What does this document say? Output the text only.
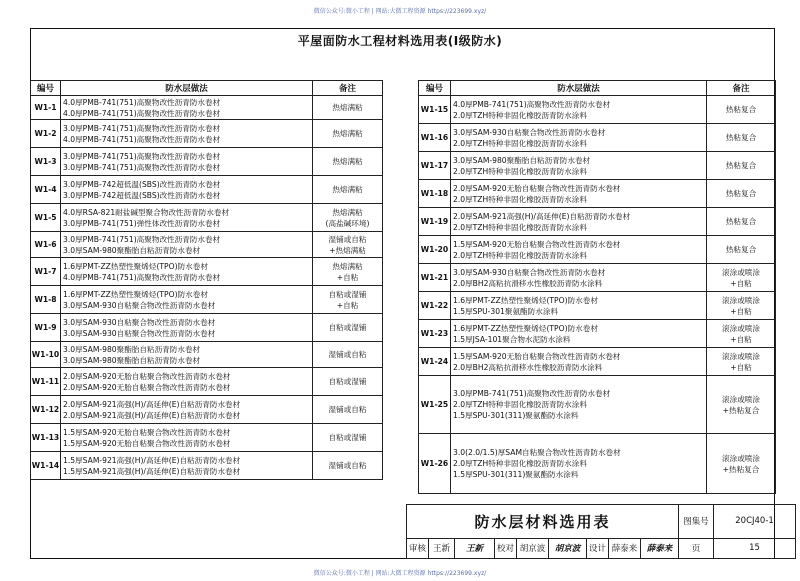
微信公众号:微小工程 | 网站:大微工程资源 https://223699.xyz/
平屋面防水工程材料选用表(Ⅰ级防水)
编号	防水层做法	备注
W1-1	4.0厚PMB-741(751)高聚物改性沥青防水卷材
4.0厚PMB-741(751)高聚物改性沥青防水卷材	热熔满粘

W1-2	3.0厚PMB-741(751)高聚物改性沥青防水卷材
4.0厚PMB-741(751)高聚物改性沥青防水卷材	热熔满粘

W1-3	3.0厚PMB-741(751)高聚物改性沥青防水卷材
3.0厚PMB-741(751)高聚物改性沥青防水卷材	热熔满粘

W1-4	3.0厚PMB-742超低温(SBS)改性沥青防水卷材
3.0厚PMB-742超低温(SBS)改性沥青防水卷材	热熔满粘

W1-5	4.0厚RSA-821耐盐碱型聚合物改性沥青防水卷材
3.0厚PMB-741(751)弹性体改性沥青防水卷材	热熔满粘
(高盐碱环境)

W1-6	3.0厚PMB-741(751)高聚物改性沥青防水卷材
3.0厚SAM-980聚酯胎自粘沥青防水卷材	湿铺或自粘
+热熔满粘

W1-7	1.6厚PMT-ZZ热塑性聚烯烃(TPO)防水卷材
4.0厚PMB-741(751)高聚物改性沥青防水卷材	热熔满粘
+自粘

W1-8	1.6厚PMT-ZZ热塑性聚烯烃(TPO)防水卷材
3.0厚SAM-930自粘聚合物改性沥青防水卷材	自粘或湿铺
+自粘

W1-9	3.0厚SAM-930自粘聚合物改性沥青防水卷材
3.0厚SAM-930自粘聚合物改性沥青防水卷材	自粘或湿铺

W1-10	3.0厚SAM-980聚酯胎自粘沥青防水卷材
3.0厚SAM-980聚酯胎自粘沥青防水卷材	湿铺或自粘

W1-11	2.0厚SAM-920无胎自粘聚合物改性沥青防水卷材
2.0厚SAM-920无胎自粘聚合物改性沥青防水卷材	自粘或湿铺

W1-12	2.0厚SAM-921高强(H)/高延伸(E)自粘沥青防水卷材
2.0厚SAM-921高强(H)/高延伸(E)自粘沥青防水卷材	湿铺或自粘

W1-13	1.5厚SAM-920无胎自粘聚合物改性沥青防水卷材
1.5厚SAM-920无胎自粘聚合物改性沥青防水卷材	自粘或湿铺

W1-14	1.5厚SAM-921高强(H)/高延伸(E)自粘沥青防水卷材
1.5厚SAM-921高强(H)/高延伸(E)自粘沥青防水卷材	湿铺或自粘
编号	防水层做法	备注
W1-15	4.0厚PMB-741(751)高聚物改性沥青防水卷材
2.0厚TZH特种非固化橡胶沥青防水涂料	热粘复合

W1-16	3.0厚SAM-930自粘聚合物改性沥青防水卷材
2.0厚TZH特种非固化橡胶沥青防水涂料	热粘复合

W1-17	3.0厚SAM-980聚酯胎自粘沥青防水卷材
2.0厚TZH特种非固化橡胶沥青防水涂料	热粘复合

W1-18	2.0厚SAM-920无胎自粘聚合物改性沥青防水卷材
2.0厚TZH特种非固化橡胶沥青防水涂料	热粘复合

W1-19	2.0厚SAM-921高强(H)/高延伸(E)自粘沥青防水卷材
2.0厚TZH特种非固化橡胶沥青防水涂料	热粘复合

W1-20	1.5厚SAM-920无胎自粘聚合物改性沥青防水卷材
2.0厚TZH特种非固化橡胶沥青防水涂料	热粘复合

W1-21	3.0厚SAM-930自粘聚合物改性沥青防水卷材
2.0厚BH2高粘抗滑移水性橡胶沥青防水涂料	滚涂或喷涂
+自粘

W1-22	1.6厚PMT-ZZ热塑性聚烯烃(TPO)防水卷材
1.5厚SPU-301聚氨酯防水涂料	滚涂或喷涂
+自粘

W1-23	1.6厚PMT-ZZ热塑性聚烯烃(TPO)防水卷材
1.5厚JSA-101聚合物水泥防水涂料	滚涂或喷涂
+自粘

W1-24	1.5厚SAM-920无胎自粘聚合物改性沥青防水卷材
2.0厚BH2高粘抗滑移水性橡胶沥青防水涂料	滚涂或喷涂
+自粘

W1-25	3.0厚PMB-741(751)高聚物改性沥青防水卷材
2.0厚TZH特种非固化橡胶沥青防水涂料
1.5厚SPU-301(311)聚氨酯防水涂料	滚涂或喷涂
+热粘复合

W1-26	3.0(2.0/1.5)厚SAM自粘聚合物改性沥青防水卷材
2.0厚TZH特种非固化橡胶沥青防水涂料
1.5厚SPU-301(311)聚氨酯防水涂料	滚涂或喷涂
+热粘复合
防水层材料选用表									图集号	20CJ40-1
审核	王新	王新	校对	胡京波	胡京波	设计	薛泰来	薛泰来	页	15
微信公众号:微小工程 | 网站:大微工程资源 https://223699.xyz/
